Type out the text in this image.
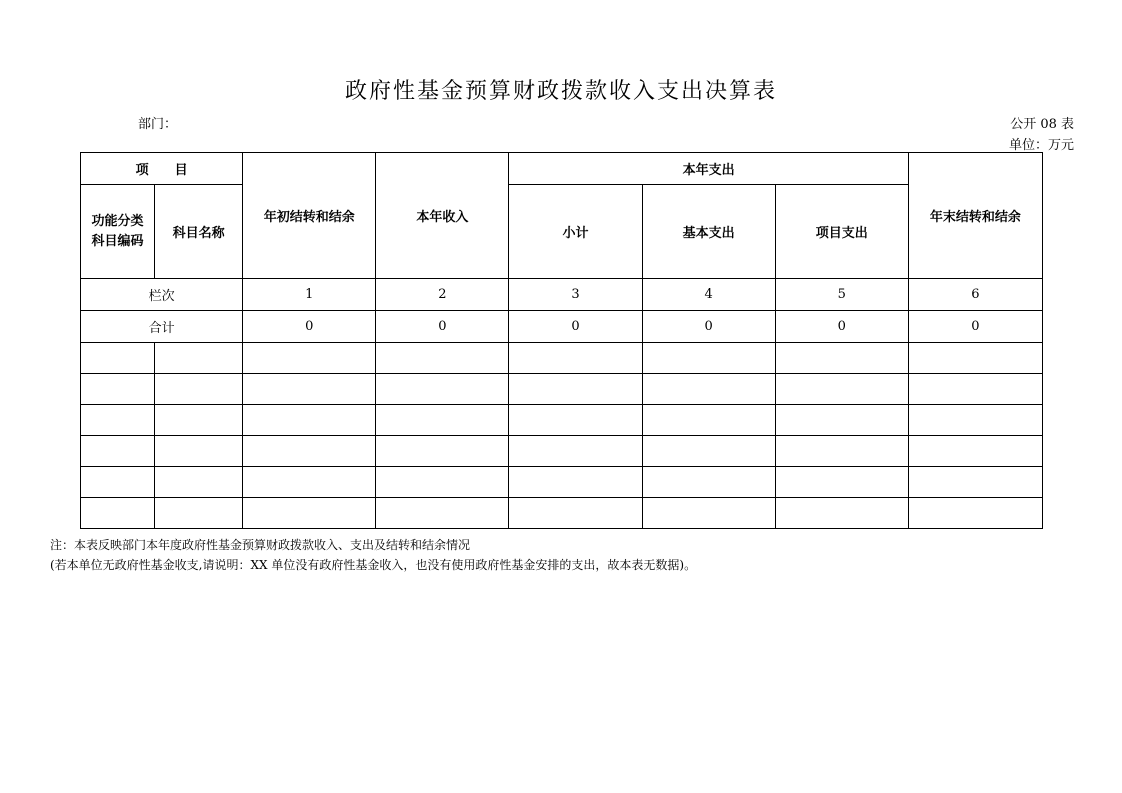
政府性基金预算财政拨款收入支出决算表
部门：	公开 08 表
单位：万元
项　　目		年初结转和结余	本年收入	本年支出			年末结转和结余

功能分类
科目编码	科目名称			小计	基本支出	项目支出	
栏次		1	2	3	4	5	6
合计		0	0	0	0	0	0

注：本表反映部门本年度政府性基金预算财政拨款收入、支出及结转和结余情况
(若本单位无政府性基金收支,请说明：XX 单位没有政府性基金收入，也没有使用政府性基金安排的支出，故本表无数据)。
